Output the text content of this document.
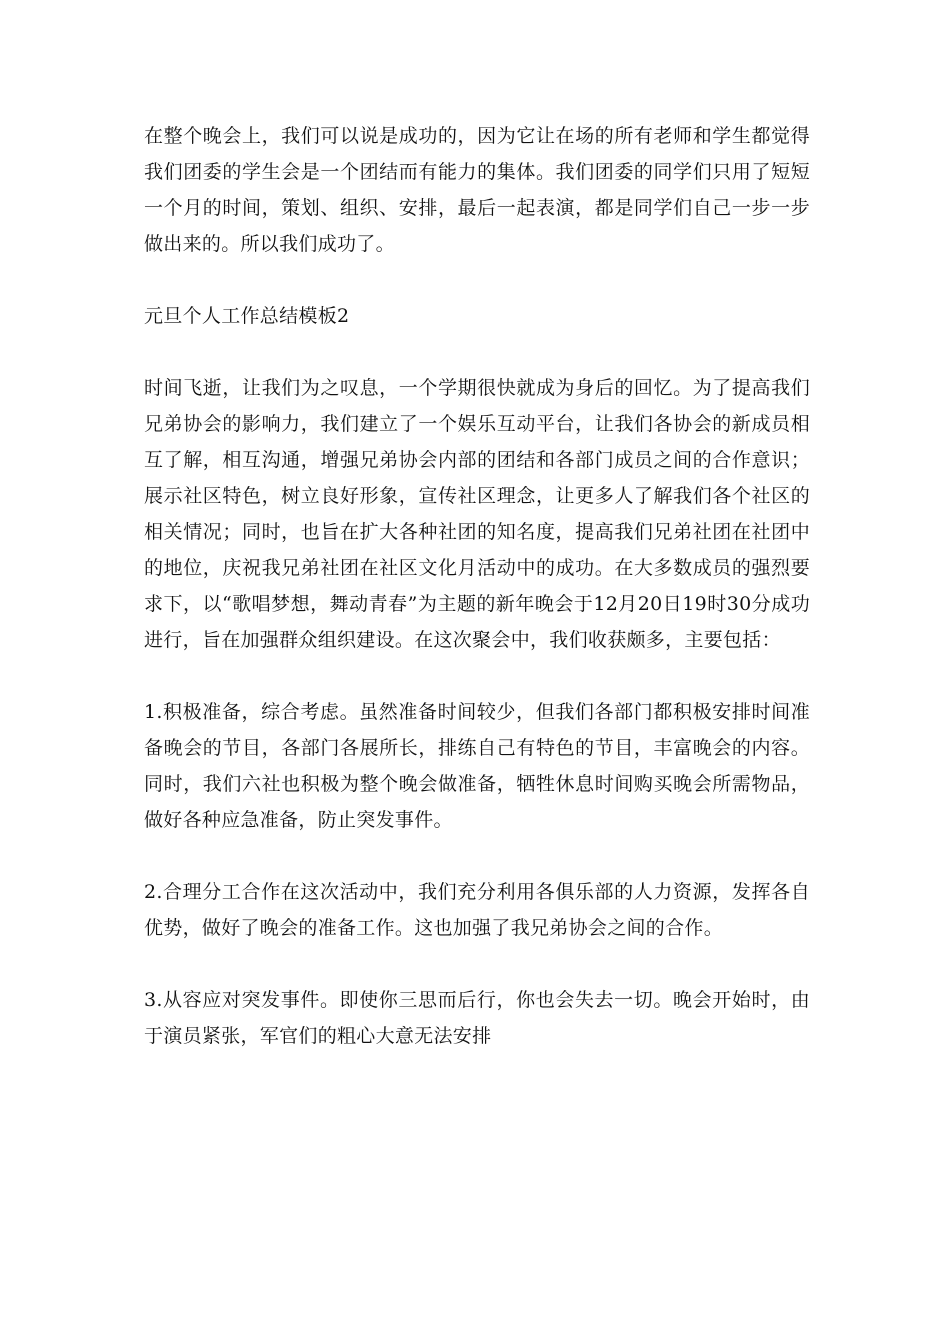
在整个晚会上，我们可以说是成功的，因为它让在场的所有老师和学生都觉得我们团委的学生会是一个团结而有能力的集体。我们团委的同学们只用了短短一个月的时间，策划、组织、安排，最后一起表演，都是同学们自己一步一步做出来的。所以我们成功了。

元旦个人工作总结模板2

时间飞逝，让我们为之叹息，一个学期很快就成为身后的回忆。为了提高我们兄弟协会的影响力，我们建立了一个娱乐互动平台，让我们各协会的新成员相互了解，相互沟通，增强兄弟协会内部的团结和各部门成员之间的合作意识；展示社区特色，树立良好形象，宣传社区理念，让更多人了解我们各个社区的相关情况；同时，也旨在扩大各种社团的知名度，提高我们兄弟社团在社团中的地位，庆祝我兄弟社团在社区文化月活动中的成功。在大多数成员的强烈要求下，以“歌唱梦想，舞动青春”为主题的新年晚会于12月20日19时30分成功进行，旨在加强群众组织建设。在这次聚会中，我们收获颇多，主要包括：

1.积极准备，综合考虑。虽然准备时间较少，但我们各部门都积极安排时间准备晚会的节目，各部门各展所长，排练自己有特色的节目，丰富晚会的内容。同时，我们六社也积极为整个晚会做准备，牺牲休息时间购买晚会所需物品，做好各种应急准备，防止突发事件。

2.合理分工合作在这次活动中，我们充分利用各俱乐部的人力资源，发挥各自优势，做好了晚会的准备工作。这也加强了我兄弟协会之间的合作。

3.从容应对突发事件。即使你三思而后行，你也会失去一切。晚会开始时，由于演员紧张，军官们的粗心大意无法安排
